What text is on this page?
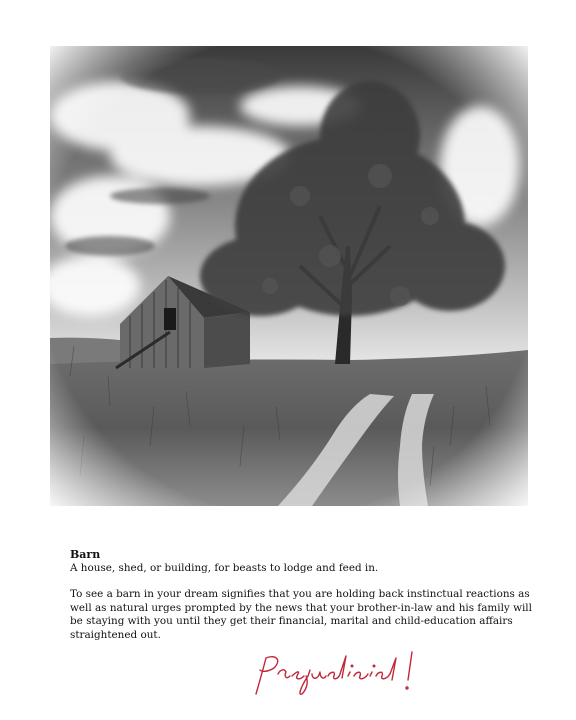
Barn
A house, shed, or building, for beasts to lodge and feed in.
To see a barn in your dream signifies that you are holding back instinctual reactions as well as natural urges prompted by the news that your brother-in-law and his family will be staying with you until they get their financial, marital and child-education affairs straightened out.
